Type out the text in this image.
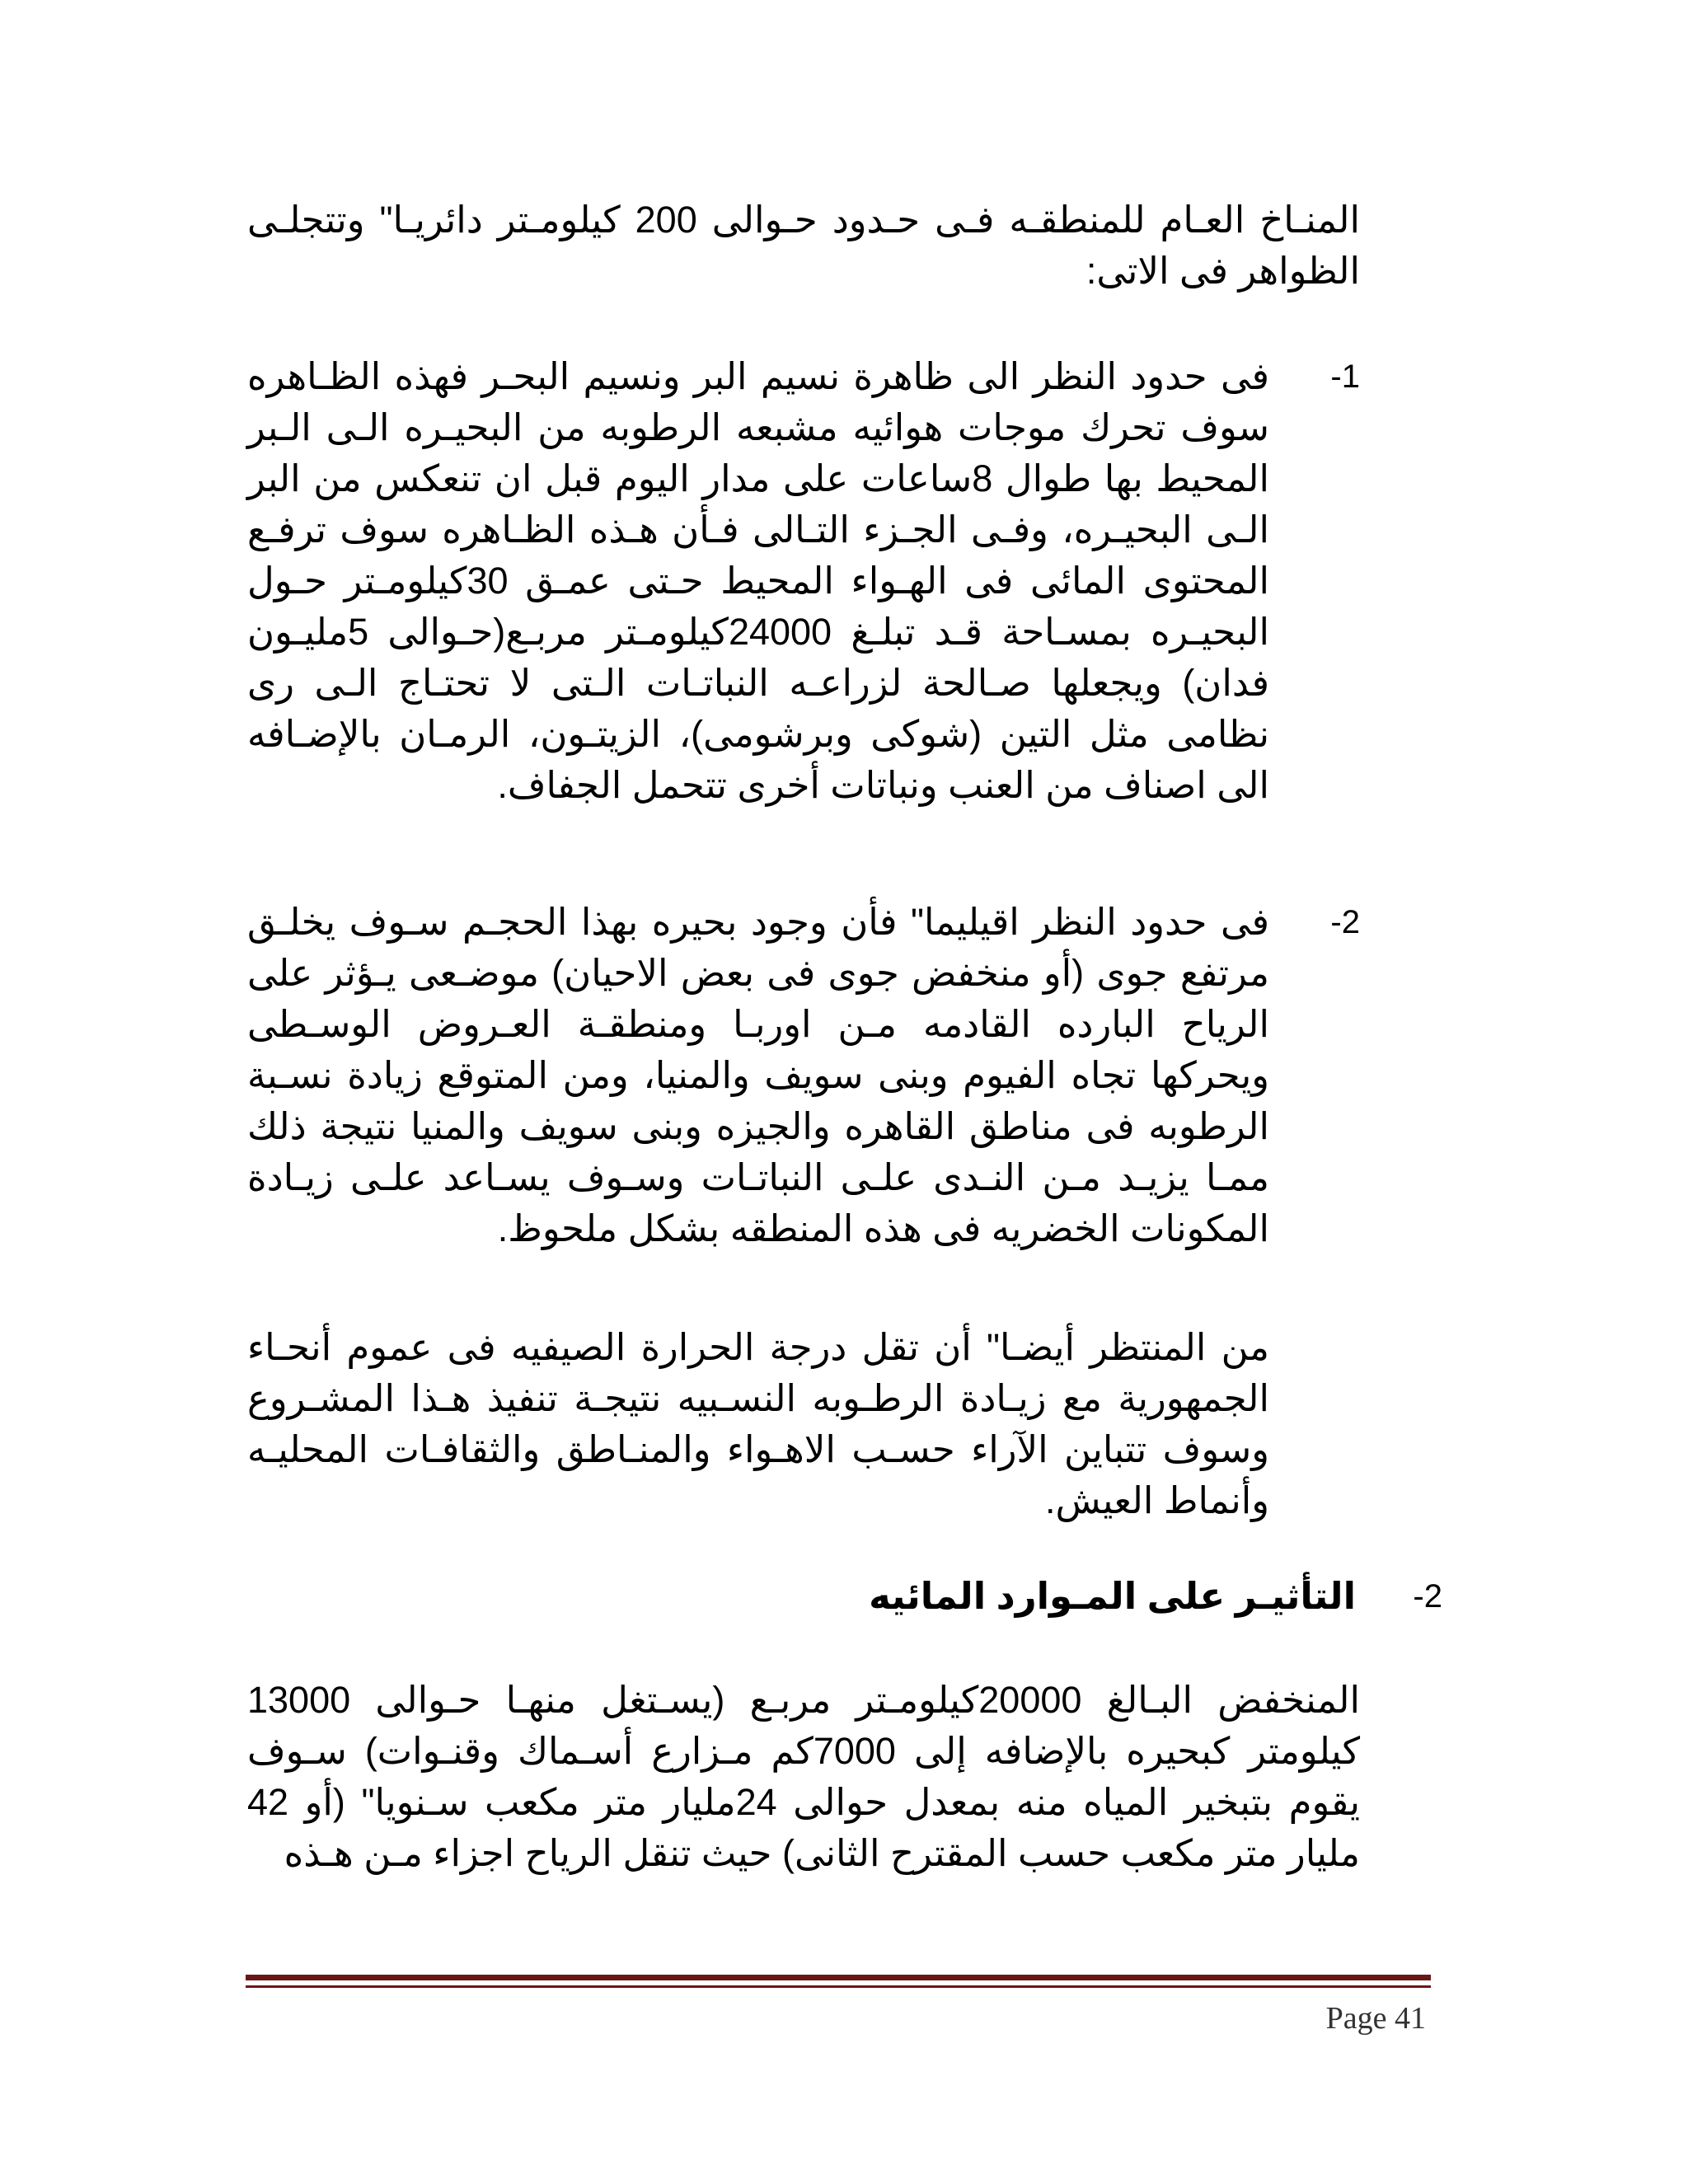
المنـاخ العـام للمنطقـه فـى حـدود حـوالى 200 كيلومـتر دائريـا" وتتجلـى الظواهر فى الاتى:

-1

فى حدود النظر الى ظاهرة نسيم البر ونسيم البحـر فهذه الظـاهره سوف تحرك موجات هوائيه مشبعه الرطوبه من البحيـره الـى الـبر المحيط بها طوال 8ساعات على مدار اليوم قبل ان تنعكس من البر الـى البحيـره، وفـى الجـزء التـالى فـأن هـذه الظـاهره سوف ترفـع المحتوى المائى فى الهـواء المحيط حـتى عمـق 30كيلومـتر حـول البحيـره بمسـاحة قـد تبلـغ 24000كيلومـتر مربـع(حـوالى 5مليـون فدان) ويجعلها صـالحة لزراعـه النباتـات الـتى لا تحتـاج الـى رى نظامى مثل التين (شوكى وبرشومى)، الزيتـون، الرمـان بالإضـافه الى اصناف من العنب ونباتات أخرى تتحمل الجفاف.

-2

فى حدود النظر اقيليما" فأن وجود بحيره بهذا الحجـم سـوف يخلـق مرتفع جوى (أو منخفض جوى فى بعض الاحيان) موضـعى يـؤثر على الرياح البارده القادمه مـن اوربـا ومنطقـة العـروض الوسـطى ويحركها تجاه الفيوم وبنى سويف والمنيا، ومن المتوقع زيادة نسـبة الرطوبه فى مناطق القاهره والجيزه وبنى سويف والمنيا نتيجة ذلك ممـا يزيـد مـن النـدى علـى النباتـات وسـوف يسـاعد علـى زيـادة المكونات الخضريه فى هذه المنطقه بشكل ملحوظ.

من المنتظر أيضـا" أن تقل درجة الحرارة الصيفيه فى عموم أنحـاء الجمهورية مع زيـادة الرطـوبه النسـبيه نتيجـة تنفيذ هـذا المشـروع وسوف تتباين الآراء حسـب الاهـواء والمنـاطق والثقافـات المحليـه وأنماط العيش.

-2
التأثيـر على المـوارد المائيه

المنخفض البـالغ 20000كيلومـتر مربـع (يسـتغل منهـا حـوالى 13000 كيلومتر كبحيره بالإضافه إلى 7000كم مـزارع أسـماك وقنـوات) سـوف يقوم بتبخير المياه منه بمعدل حوالى 24مليار متر مكعب سـنويا" (أو 42 مليار متر مكعب حسب المقترح الثانى) حيث تنقل الرياح اجزاء مـن هـذه

Page 41
